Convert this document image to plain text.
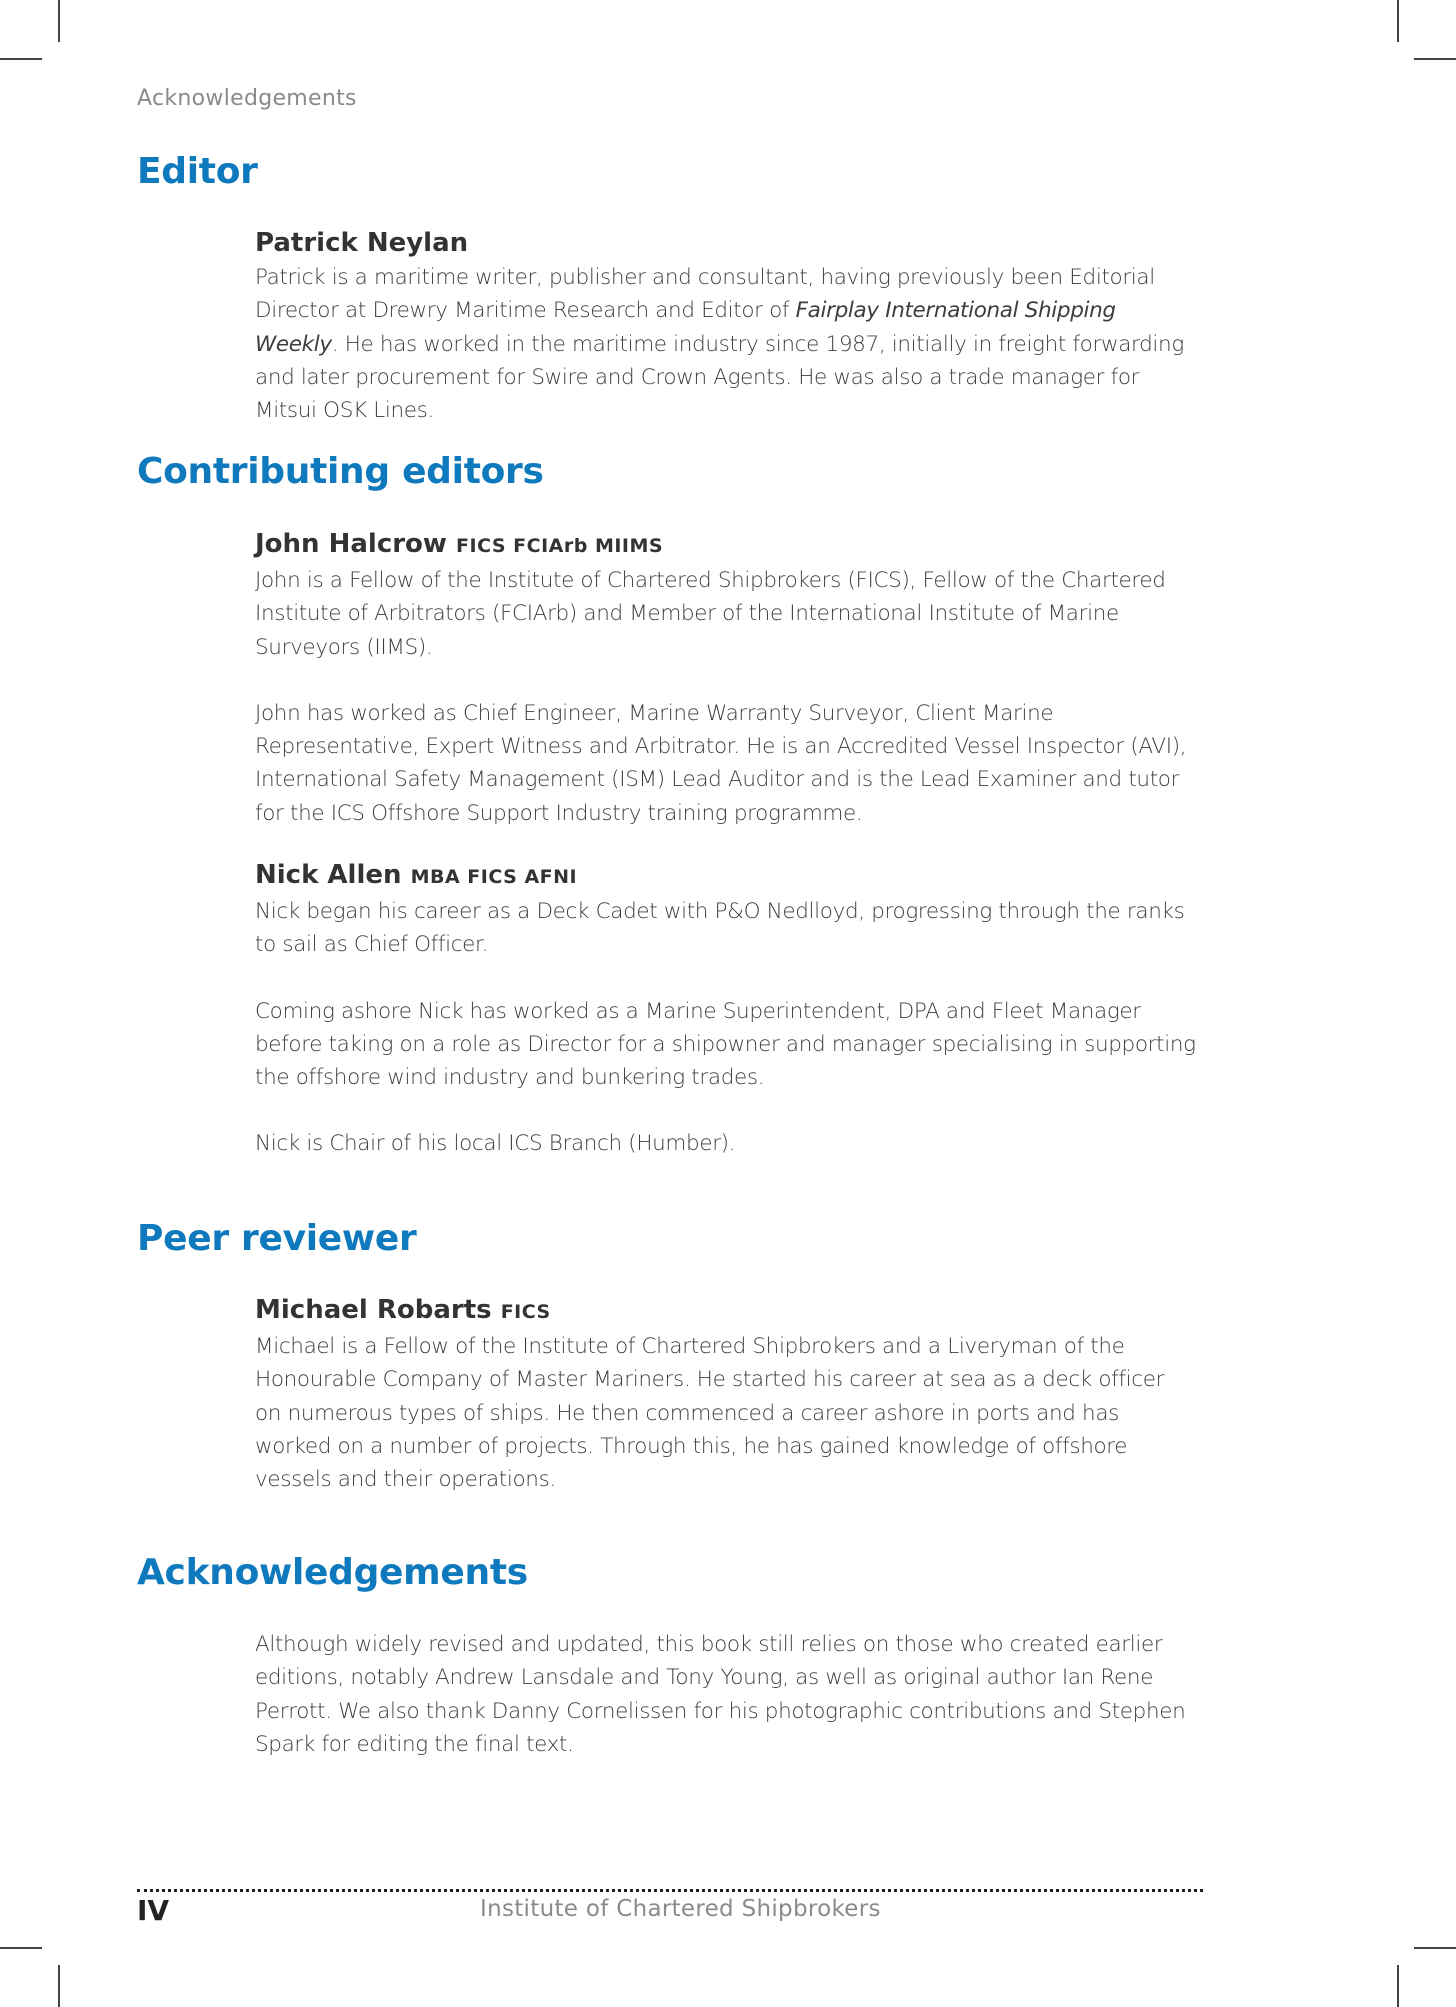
Acknowledgements
Editor

Patrick Neylan

Patrick is a maritime writer, publisher and consultant, having previously been Editorial Director at Drewry Maritime Research and Editor of Fairplay International Shipping Weekly. He has worked in the maritime industry since 1987, initially in freight forwarding and later procurement for Swire and Crown Agents. He was also a trade manager for Mitsui OSK Lines.

Contributing editors

John Halcrow FICS FCIArb MIIMS

John is a Fellow of the Institute of Chartered Shipbrokers (FICS), Fellow of the Chartered Institute of Arbitrators (FCIArb) and Member of the International Institute of Marine Surveyors (IIMS).

John has worked as Chief Engineer, Marine Warranty Surveyor, Client Marine Representative, Expert Witness and Arbitrator. He is an Accredited Vessel Inspector (AVI), International Safety Management (ISM) Lead Auditor and is the Lead Examiner and tutor for the ICS Offshore Support Industry training programme.

Nick Allen MBA FICS AFNI

Nick began his career as a Deck Cadet with P&O Nedlloyd, progressing through the ranks to sail as Chief Officer.

Coming ashore Nick has worked as a Marine Superintendent, DPA and Fleet Manager before taking on a role as Director for a shipowner and manager specialising in supporting the offshore wind industry and bunkering trades.

Nick is Chair of his local ICS Branch (Humber).

Peer reviewer

Michael Robarts FICS

Michael is a Fellow of the Institute of Chartered Shipbrokers and a Liveryman of the Honourable Company of Master Mariners. He started his career at sea as a deck officer on numerous types of ships. He then commenced a career ashore in ports and has worked on a number of projects. Through this, he has gained knowledge of offshore vessels and their operations.

Acknowledgements

Although widely revised and updated, this book still relies on those who created earlier editions, notably Andrew Lansdale and Tony Young, as well as original author Ian Rene Perrott. We also thank Danny Cornelissen for his photographic contributions and Stephen Spark for editing the final text.

IV	Institute of Chartered Shipbrokers
